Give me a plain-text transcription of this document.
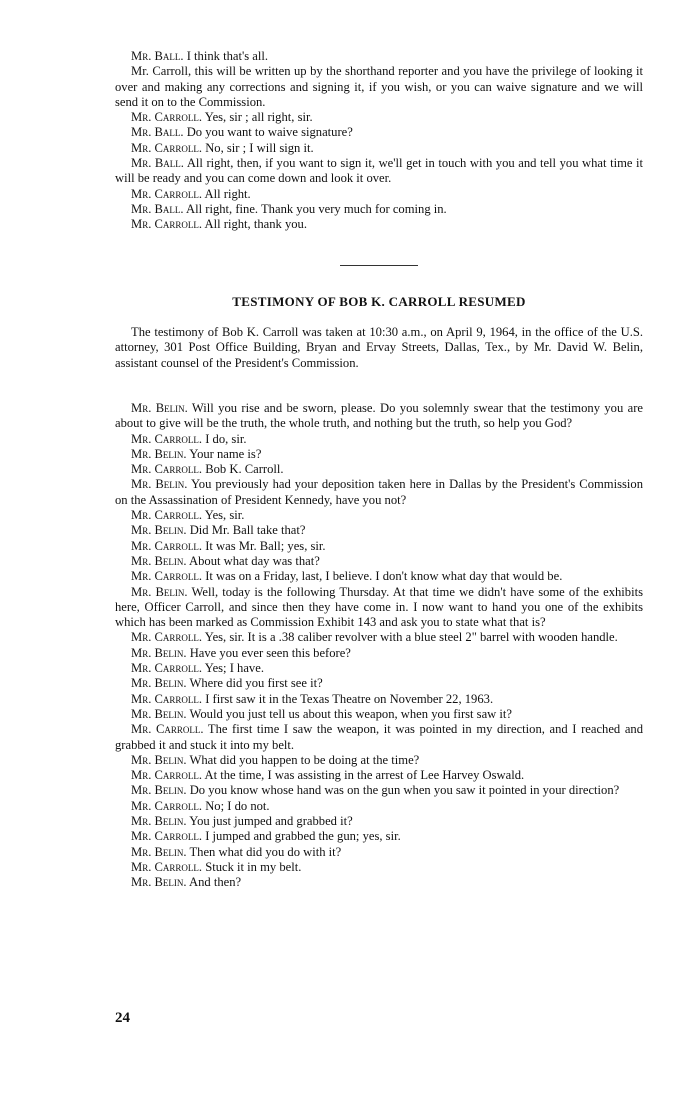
Mr. Ball. I think that's all.

Mr. Carroll, this will be written up by the shorthand reporter and you have the privilege of looking it over and making any corrections and signing it, if you wish, or you can waive signature and we will send it on to the Commission.

Mr. Carroll. Yes, sir ; all right, sir.

Mr. Ball. Do you want to waive signature?

Mr. Carroll. No, sir ; I will sign it.

Mr. Ball. All right, then, if you want to sign it, we'll get in touch with you and tell you what time it will be ready and you can come down and look it over.

Mr. Carroll. All right.

Mr. Ball. All right, fine. Thank you very much for coming in.

Mr. Carroll. All right, thank you.

TESTIMONY OF BOB K. CARROLL RESUMED

The testimony of Bob K. Carroll was taken at 10:30 a.m., on April 9, 1964, in the office of the U.S. attorney, 301 Post Office Building, Bryan and Ervay Streets, Dallas, Tex., by Mr. David W. Belin, assistant counsel of the President's Commission.

Mr. Belin. Will you rise and be sworn, please. Do you solemnly swear that the testimony you are about to give will be the truth, the whole truth, and nothing but the truth, so help you God?

Mr. Carroll. I do, sir.

Mr. Belin. Your name is?

Mr. Carroll. Bob K. Carroll.

Mr. Belin. You previously had your deposition taken here in Dallas by the President's Commission on the Assassination of President Kennedy, have you not?

Mr. Carroll. Yes, sir.

Mr. Belin. Did Mr. Ball take that?

Mr. Carroll. It was Mr. Ball; yes, sir.

Mr. Belin. About what day was that?

Mr. Carroll. It was on a Friday, last, I believe. I don't know what day that would be.

Mr. Belin. Well, today is the following Thursday. At that time we didn't have some of the exhibits here, Officer Carroll, and since then they have come in. I now want to hand you one of the exhibits which has been marked as Commission Exhibit 143 and ask you to state what that is?

Mr. Carroll. Yes, sir. It is a .38 caliber revolver with a blue steel 2" barrel with wooden handle.

Mr. Belin. Have you ever seen this before?

Mr. Carroll. Yes; I have.

Mr. Belin. Where did you first see it?

Mr. Carroll. I first saw it in the Texas Theatre on November 22, 1963.

Mr. Belin. Would you just tell us about this weapon, when you first saw it?

Mr. Carroll. The first time I saw the weapon, it was pointed in my direction, and I reached and grabbed it and stuck it into my belt.

Mr. Belin. What did you happen to be doing at the time?

Mr. Carroll. At the time, I was assisting in the arrest of Lee Harvey Oswald.

Mr. Belin. Do you know whose hand was on the gun when you saw it pointed in your direction?

Mr. Carroll. No; I do not.

Mr. Belin. You just jumped and grabbed it?

Mr. Carroll. I jumped and grabbed the gun; yes, sir.

Mr. Belin. Then what did you do with it?

Mr. Carroll. Stuck it in my belt.

Mr. Belin. And then?

24
